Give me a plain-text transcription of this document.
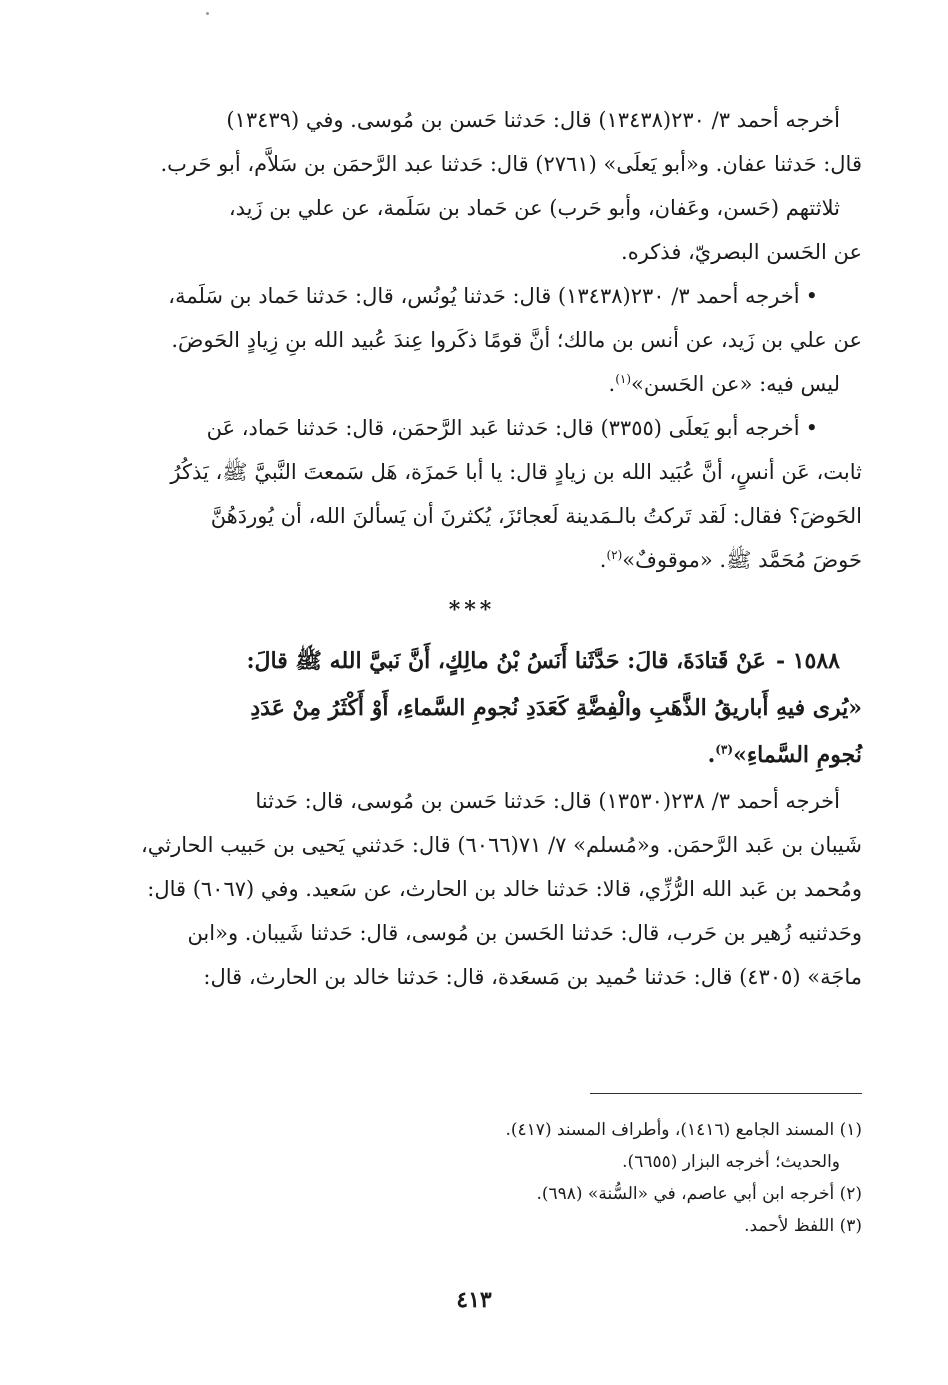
أخرجه أحمد ٣/ ٢٣٠(١٣٤٣٨) قال: حَدثنا حَسن بن مُوسى. وفي (١٣٤٣٩)
قال: حَدثنا عفان. و«أبو يَعلَى» (٢٧٦١) قال: حَدثنا عبد الرَّحمَن بن سَلاَّم، أبو حَرب.

ثلاثتهم (حَسن، وعَفان، وأبو حَرب) عن حَماد بن سَلَمة، عن علي بن زَيد،
عن الحَسن البصريّ، فذكره.

•أخرجه أحمد ٣/ ٢٣٠(١٣٤٣٨) قال: حَدثنا يُونُس، قال: حَدثنا حَماد بن سَلَمة،
عن علي بن زَيد، عن أنس بن مالك؛ أنَّ قومًا ذكَروا عِندَ عُبيد الله بنِ زِيادٍ الحَوضَ.

ليس فيه: «عن الحَسن»$^{(١)}$.

•أخرجه أبو يَعلَى (٣٣٥٥) قال: حَدثنا عَبد الرَّحمَن، قال: حَدثنا حَماد، عَن
ثابت، عَن أنسٍ، أنَّ عُبَيد الله بن زيادٍ قال: يا أبا حَمزَة، هَل سَمعتَ النَّبيَّ ﷺ، يَذكُرُ
الحَوضَ؟ فقال: لَقد تَركتُ بالـمَدينة لَعجائزَ، يُكثرنَ أن يَسألنَ الله، أن يُوردَهُنَّ
حَوضَ مُحَمَّد ﷺ. «موقوفٌ»$^{(٢)}$.

***

١٥٨٨ -عَنْ قَتادَةَ، قالَ: حَدَّثَنا أَنَسُ بْنُ مالِكٍ، أَنَّ نَبيَّ الله ﷺ قالَ:
«يُرى فيهِ أَباريقُ الذَّهَبِ والْفِضَّةِ كَعَدَدِ نُجومِ السَّماءِ، أَوْ أَكْثَرُ مِنْ عَدَدِ
نُجومِ السَّماءِ»$^{(٣)}$.

أخرجه أحمد ٣/ ٢٣٨(١٣٥٣٠) قال: حَدثنا حَسن بن مُوسى، قال: حَدثنا
شَيبان بن عَبد الرَّحمَن. و«مُسلم» ٧/ ٧١(٦٠٦٦) قال: حَدثني يَحيى بن حَبيب الحارثي،
ومُحمد بن عَبد الله الرُّزِّي، قالا: حَدثنا خالد بن الحارث، عن سَعيد. وفي (٦٠٦٧) قال:
وحَدثنيه زُهير بن حَرب، قال: حَدثنا الحَسن بن مُوسى، قال: حَدثنا شَيبان. و«ابن
ماجَة» (٤٣٠٥) قال: حَدثنا حُميد بن مَسعَدة، قال: حَدثنا خالد بن الحارث، قال:

(١) المسند الجامع (١٤١٦)، وأطراف المسند (٤١٧).

والحديث؛ أخرجه البزار (٦٦٥٥).

(٢) أخرجه ابن أبي عاصم، في «السُّنة» (٦٩٨).

(٣) اللفظ لأحمد.

٤١٣
